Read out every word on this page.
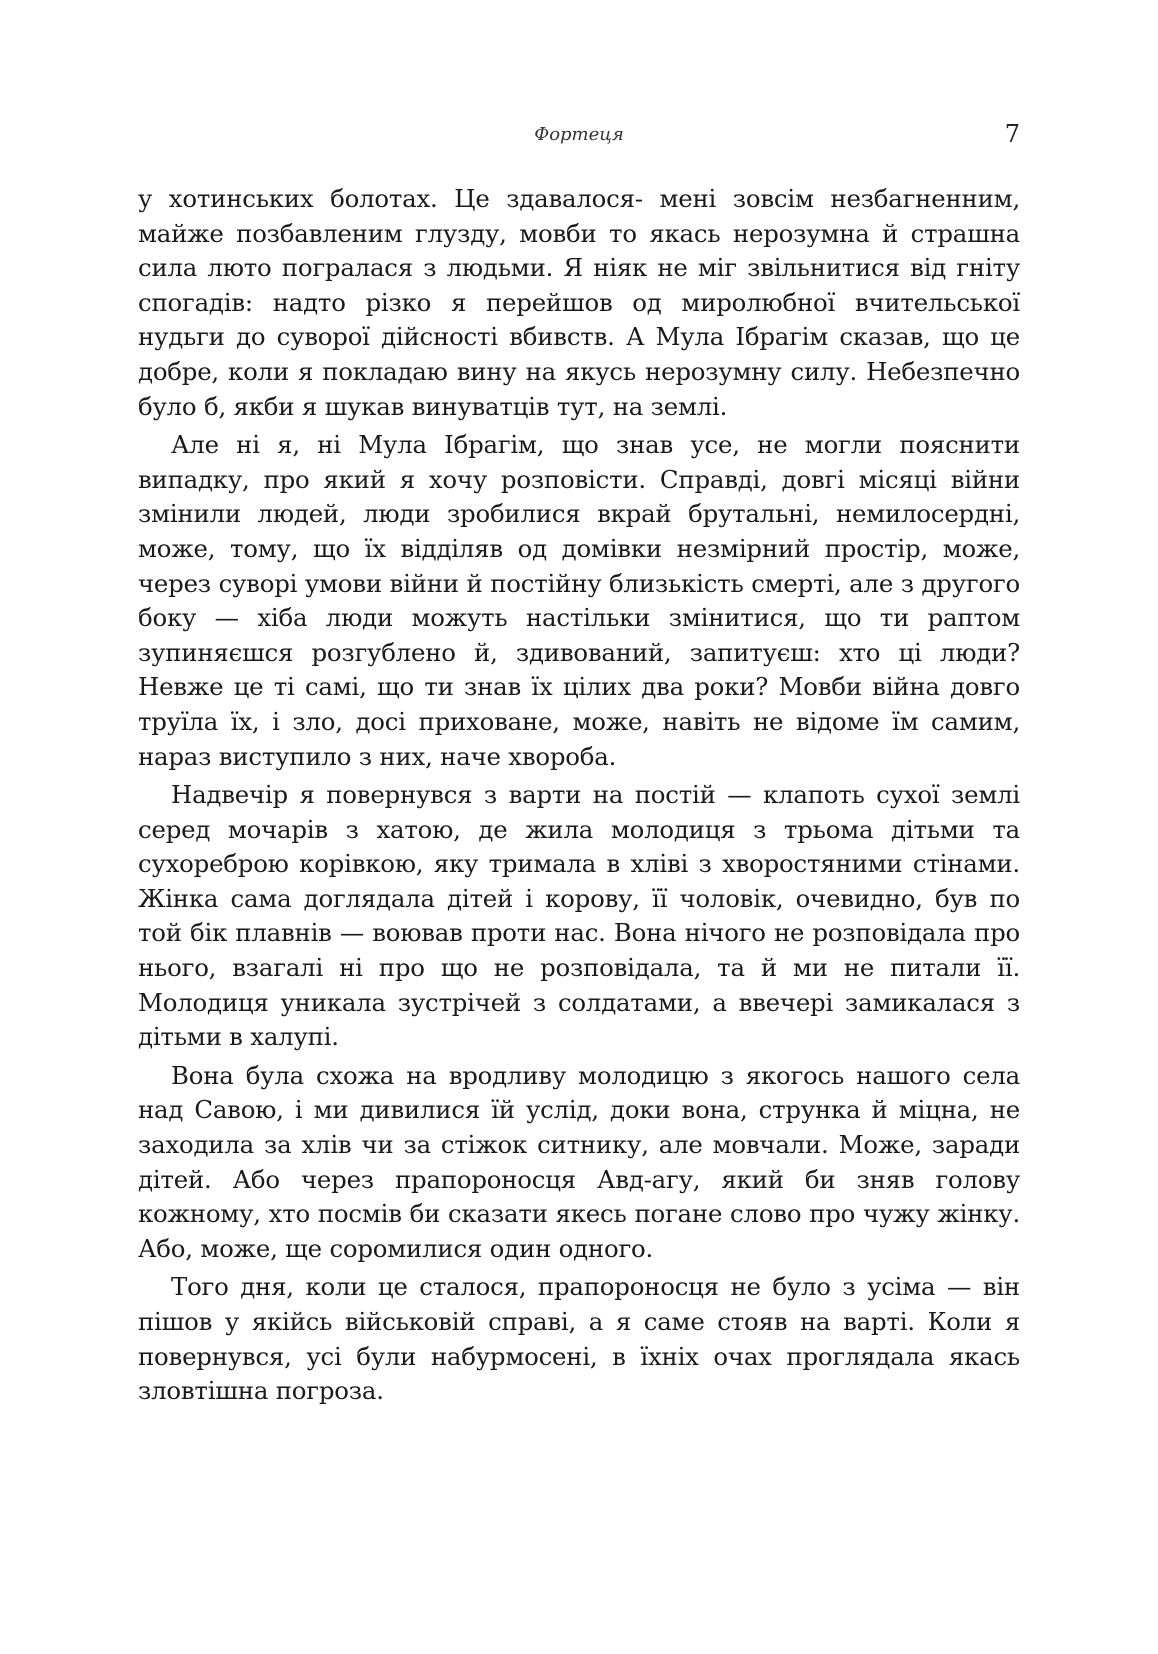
Фортеця	7

у хотинських болотах. Це здавалося- мені зовсім незбагненним, майже позбавленим глузду, мовби то якась нерозумна й страшна сила люто погралася з людьми. Я ніяк не міг звільнитися від гніту спогадів: надто різко я перейшов од миролюбної вчительської нудьги до суворої дійсності вбивств. А Мула Ібрагім сказав, що це добре, коли я покладаю вину на якусь нерозумну силу. Небезпечно було б, якби я шукав винуватців тут, на землі.

Але ні я, ні Мула Ібрагім, що знав усе, не могли пояснити випадку, про який я хочу розповісти. Справді, довгі місяці війни змінили людей, люди зробилися вкрай брутальні, немилосердні, може, тому, що їх відділяв од домівки незмірний простір, може, через суворі умови війни й постійну близькість смерті, але з другого боку — хіба люди можуть настільки змінитися, що ти раптом зупиняєшся розгублено й, здивований, запитуєш: хто ці люди? Невже це ті самі, що ти знав їх цілих два роки? Мовби війна довго труїла їх, і зло, досі приховане, може, навіть не відоме їм самим, нараз виступило з них, наче хвороба.

Надвечір я повернувся з варти на постій — клапоть сухої землі серед мочарів з хатою, де жила молодиця з трьома дітьми та сухореброю корівкою, яку тримала в хліві з хворостяними стінами. Жінка сама доглядала дітей і корову, її чоловік, очевидно, був по той бік плавнів — воював проти нас. Вона нічого не розповідала про нього, взагалі ні про що не розповідала, та й ми не питали її. Молодиця уникала зустрічей з солдатами, а ввечері замикалася з дітьми в халупі.

Вона була схожа на вродливу молодицю з якогось нашого села над Савою, і ми дивилися їй услід, доки вона, струнка й міцна, не заходила за хлів чи за стіжок ситнику, але мовчали. Може, заради дітей. Або через прапороносця Авд-агу, який би зняв голову кожному, хто посмів би сказати якесь погане слово про чужу жінку. Або, може, ще соромилися один одного.

Того дня, коли це сталося, прапороносця не було з усіма — він пішов у якійсь військовій справі, а я саме стояв на варті. Коли я повернувся, усі були набурмосені, в їхніх очах проглядала якась зловтішна погроза.
